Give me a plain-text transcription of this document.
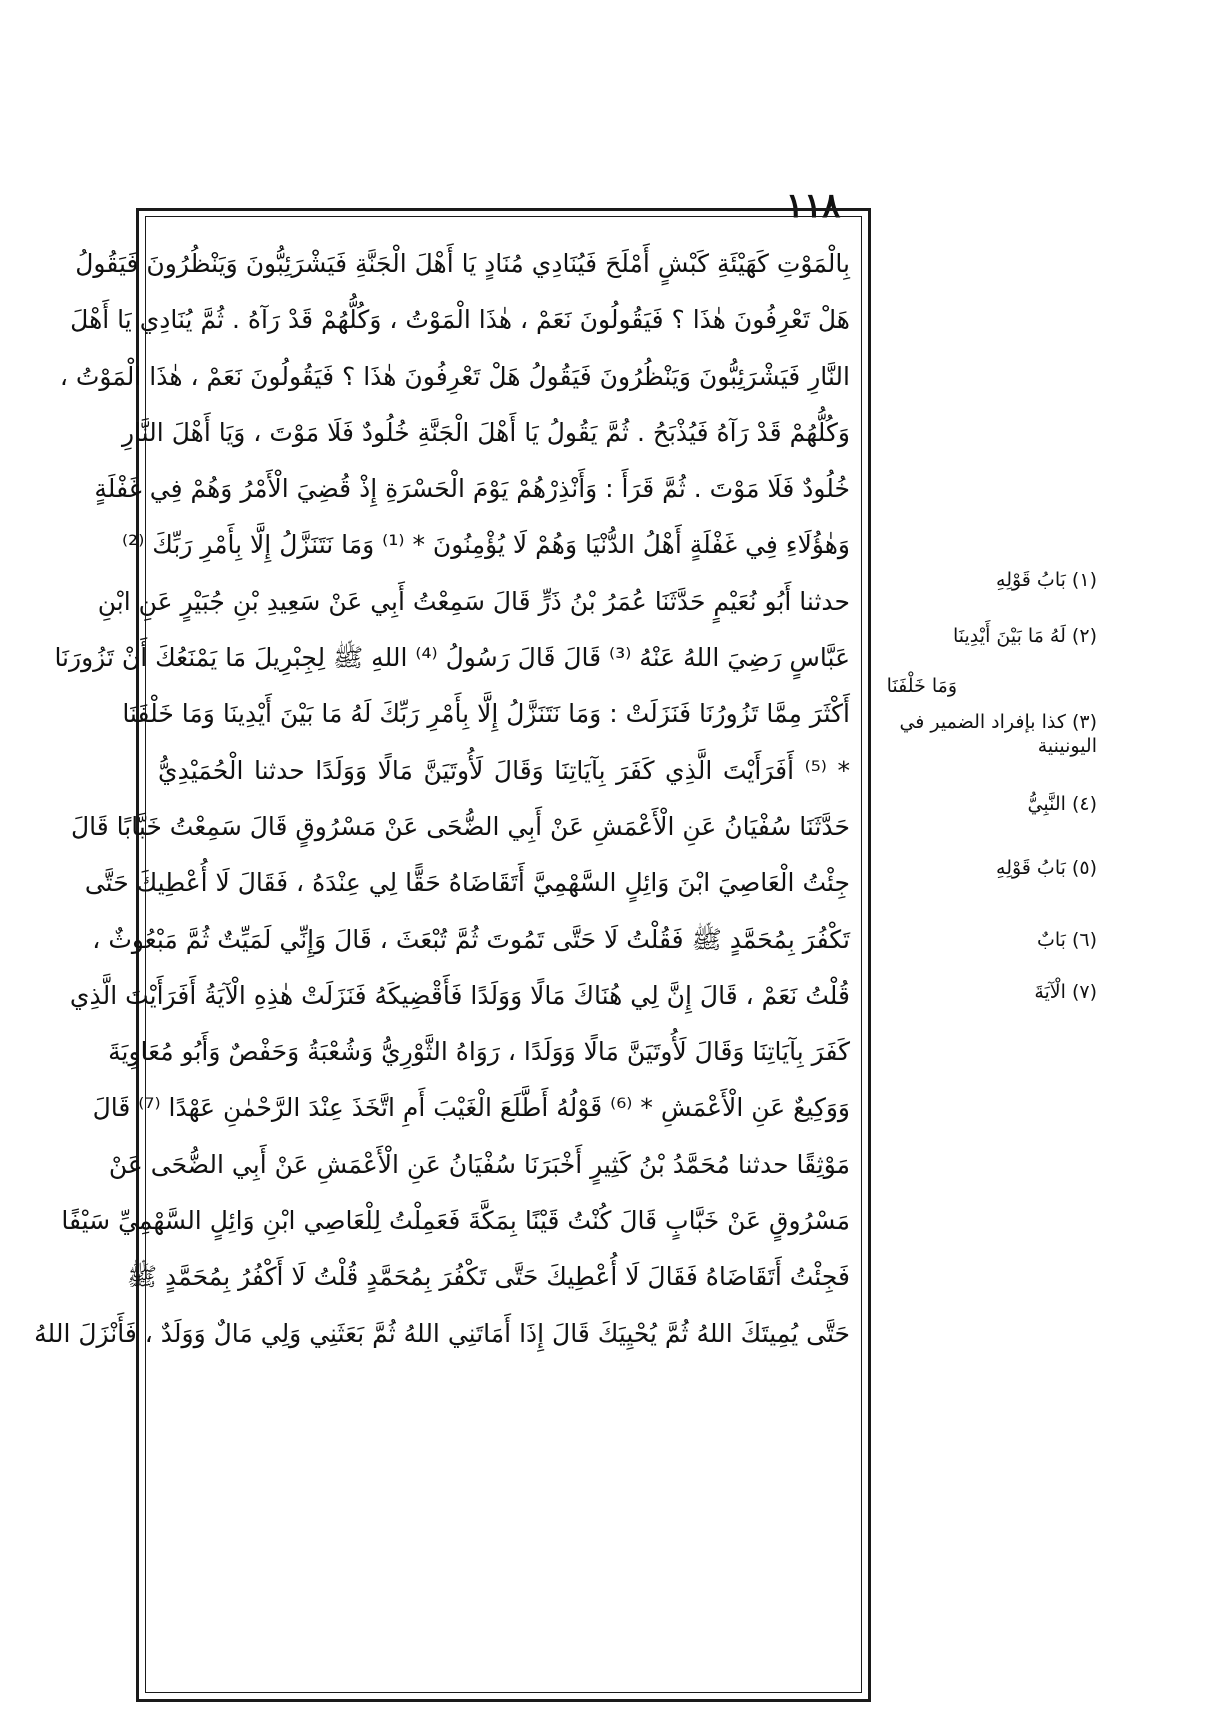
١١٨
بِالْمَوْتِ كَهَيْئَةِ كَبْشٍ أَمْلَحَ فَيُنَادِي مُنَادٍ يَا أَهْلَ الْجَنَّةِ فَيَشْرَئِبُّونَ وَيَنْظُرُونَ فَيَقُولُ
هَلْ تَعْرِفُونَ هٰذَا ؟ فَيَقُولُونَ نَعَمْ ، هٰذَا الْمَوْتُ ، وَكُلُّهُمْ قَدْ رَآهُ . ثُمَّ يُنَادِي يَا أَهْلَ
النَّارِ فَيَشْرَئِبُّونَ وَيَنْظُرُونَ فَيَقُولُ هَلْ تَعْرِفُونَ هٰذَا ؟ فَيَقُولُونَ نَعَمْ ، هٰذَا الْمَوْتُ ،
وَكُلُّهُمْ قَدْ رَآهُ فَيُذْبَحُ . ثُمَّ يَقُولُ يَا أَهْلَ الْجَنَّةِ خُلُودٌ فَلَا مَوْتَ ، وَيَا أَهْلَ النَّارِ
خُلُودٌ فَلَا مَوْتَ . ثُمَّ قَرَأَ : وَأَنْذِرْهُمْ يَوْمَ الْحَسْرَةِ إِذْ قُضِيَ الْأَمْرُ وَهُمْ فِي غَفْلَةٍ
وَهٰؤُلَاءِ فِي غَفْلَةٍ أَهْلُ الدُّنْيَا وَهُمْ لَا يُؤْمِنُونَ * ⁽¹⁾ وَمَا نَتَنَزَّلُ إِلَّا بِأَمْرِ رَبِّكَ ⁽²⁾
حدثنا أَبُو نُعَيْمٍ حَدَّثَنَا عُمَرُ بْنُ ذَرٍّ قَالَ سَمِعْتُ أَبِي عَنْ سَعِيدِ بْنِ جُبَيْرٍ عَنِ ابْنِ
عَبَّاسٍ رَضِيَ اللهُ عَنْهُ ⁽³⁾ قَالَ قَالَ رَسُولُ ⁽⁴⁾ اللهِ ﷺ لِجِبْرِيلَ مَا يَمْنَعُكَ أَنْ تَزُورَنَا
أَكْثَرَ مِمَّا تَزُورُنَا فَنَزَلَتْ : وَمَا نَتَنَزَّلُ إِلَّا بِأَمْرِ رَبِّكَ لَهُ مَا بَيْنَ أَيْدِينَا وَمَا خَلْفَنَا
* ⁽⁵⁾ أَفَرَأَيْتَ الَّذِي كَفَرَ بِآيَاتِنَا وَقَالَ لَأُوتَيَنَّ مَالًا وَوَلَدًا حدثنا الْحُمَيْدِيُّ
حَدَّثَنَا سُفْيَانُ عَنِ الْأَعْمَشِ عَنْ أَبِي الضُّحَى عَنْ مَسْرُوقٍ قَالَ سَمِعْتُ خَبَّابًا قَالَ
جِئْتُ الْعَاصِيَ ابْنَ وَائِلٍ السَّهْمِيَّ أَتَقَاضَاهُ حَقًّا لِي عِنْدَهُ ، فَقَالَ لَا أُعْطِيكَ حَتَّى
تَكْفُرَ بِمُحَمَّدٍ ﷺ فَقُلْتُ لَا حَتَّى تَمُوتَ ثُمَّ تُبْعَثَ ، قَالَ وَإِنِّي لَمَيِّتٌ ثُمَّ مَبْعُوثٌ ،
قُلْتُ نَعَمْ ، قَالَ إِنَّ لِي هُنَاكَ مَالًا وَوَلَدًا فَأَقْضِيكَهُ فَنَزَلَتْ هٰذِهِ الْآيَةُ أَفَرَأَيْتَ الَّذِي
كَفَرَ بِآيَاتِنَا وَقَالَ لَأُوتَيَنَّ مَالًا وَوَلَدًا ، رَوَاهُ الثَّوْرِيُّ وَشُعْبَةُ وَحَفْصٌ وَأَبُو مُعَاوِيَةَ
وَوَكِيعٌ عَنِ الْأَعْمَشِ * ⁽⁶⁾ قَوْلُهُ أَطَّلَعَ الْغَيْبَ أَمِ اتَّخَذَ عِنْدَ الرَّحْمٰنِ عَهْدًا ⁽⁷⁾ قَالَ
مَوْثِقًا حدثنا مُحَمَّدُ بْنُ كَثِيرٍ أَخْبَرَنَا سُفْيَانُ عَنِ الْأَعْمَشِ عَنْ أَبِي الضُّحَى عَنْ
مَسْرُوقٍ عَنْ خَبَّابٍ قَالَ كُنْتُ قَيْنًا بِمَكَّةَ فَعَمِلْتُ لِلْعَاصِي ابْنِ وَائِلٍ السَّهْمِيِّ سَيْفًا
فَجِئْتُ أَتَقَاضَاهُ فَقَالَ لَا أُعْطِيكَ حَتَّى تَكْفُرَ بِمُحَمَّدٍ قُلْتُ لَا أَكْفُرُ بِمُحَمَّدٍ ﷺ
حَتَّى يُمِيتَكَ اللهُ ثُمَّ يُحْيِيَكَ قَالَ إِذَا أَمَاتَنِي اللهُ ثُمَّ بَعَثَنِي وَلِي مَالٌ وَوَلَدٌ ، فَأَنْزَلَ اللهُ
(١) بَابُ قَوْلِهِ
(٢) لَهُ مَا بَيْنَ أَيْدِينَا
وَمَا خَلْفَنَا
(٣) كذا بإفراد الضمير في اليونينية
(٤) النَّبِيُّ
(٥) بَابُ قَوْلِهِ
(٦) بَابٌ
(٧) الْآيَةَ
